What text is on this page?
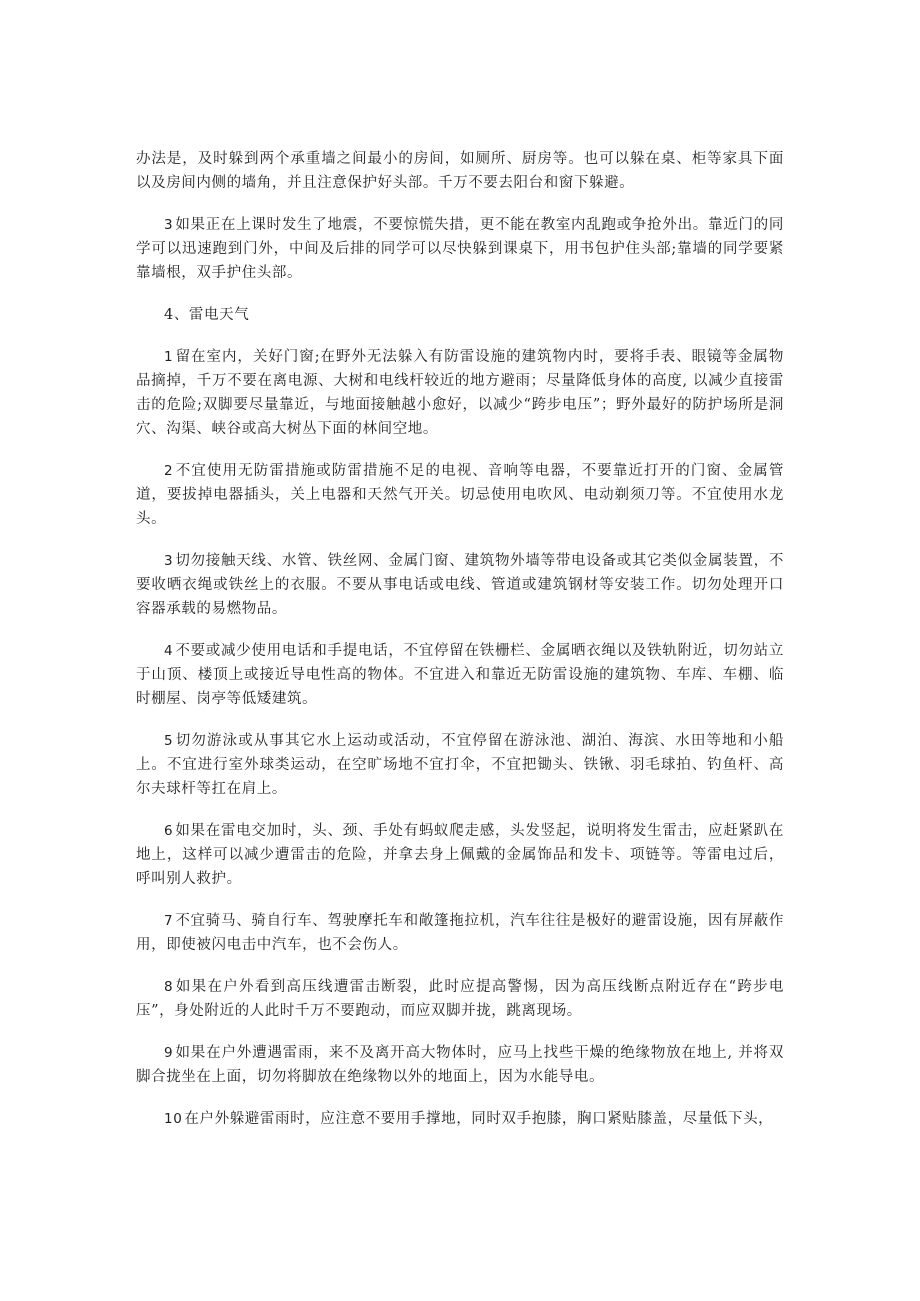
办法是，及时躲到两个承重墙之间最小的房间，如厕所、厨房等。也可以躲在桌、柜等家具下面以及房间内侧的墙角，并且注意保护好头部。千万不要去阳台和窗下躲避。

3 如果正在上课时发生了地震，不要惊慌失措，更不能在教室内乱跑或争抢外出。靠近门的同学可以迅速跑到门外，中间及后排的同学可以尽快躲到课桌下，用书包护住头部;靠墙的同学要紧靠墙根，双手护住头部。

4、雷电天气

1 留在室内，关好门窗;在野外无法躲入有防雷设施的建筑物内时，要将手表、眼镜等金属物品摘掉，千万不要在离电源、大树和电线杆较近的地方避雨；尽量降低身体的高度, 以减少直接雷击的危险;双脚要尽量靠近，与地面接触越小愈好，以减少“跨步电压”；野外最好的防护场所是洞穴、沟渠、峡谷或高大树丛下面的林间空地。

2 不宜使用无防雷措施或防雷措施不足的电视、音响等电器，不要靠近打开的门窗、金属管道，要拔掉电器插头，关上电器和天然气开关。切忌使用电吹风、电动剃须刀等。不宜使用水龙头。

3 切勿接触天线、水管、铁丝网、金属门窗、建筑物外墙等带电设备或其它类似金属装置，不要收晒衣绳或铁丝上的衣服。不要从事电话或电线、管道或建筑钢材等安装工作。切勿处理开口容器承载的易燃物品。

4 不要或减少使用电话和手提电话，不宜停留在铁栅栏、金属晒衣绳以及铁轨附近，切勿站立于山顶、楼顶上或接近导电性高的物体。不宜进入和靠近无防雷设施的建筑物、车库、车棚、临时棚屋、岗亭等低矮建筑。

5 切勿游泳或从事其它水上运动或活动，不宜停留在游泳池、湖泊、海滨、水田等地和小船上。不宜进行室外球类运动，在空旷场地不宜打伞，不宜把锄头、铁锹、羽毛球拍、钓鱼杆、高尔夫球杆等扛在肩上。

6 如果在雷电交加时，头、颈、手处有蚂蚁爬走感，头发竖起，说明将发生雷击，应赶紧趴在地上，这样可以减少遭雷击的危险，并拿去身上佩戴的金属饰品和发卡、项链等。等雷电过后，呼叫别人救护。

7 不宜骑马、骑自行车、驾驶摩托车和敞篷拖拉机，汽车往往是极好的避雷设施，因有屏蔽作用，即使被闪电击中汽车，也不会伤人。

8 如果在户外看到高压线遭雷击断裂，此时应提高警惕，因为高压线断点附近存在“跨步电压”，身处附近的人此时千万不要跑动，而应双脚并拢，跳离现场。

9 如果在户外遭遇雷雨，来不及离开高大物体时，应马上找些干燥的绝缘物放在地上, 并将双脚合拢坐在上面，切勿将脚放在绝缘物以外的地面上，因为水能导电。

10 在户外躲避雷雨时，应注意不要用手撑地，同时双手抱膝，胸口紧贴膝盖，尽量低下头，
